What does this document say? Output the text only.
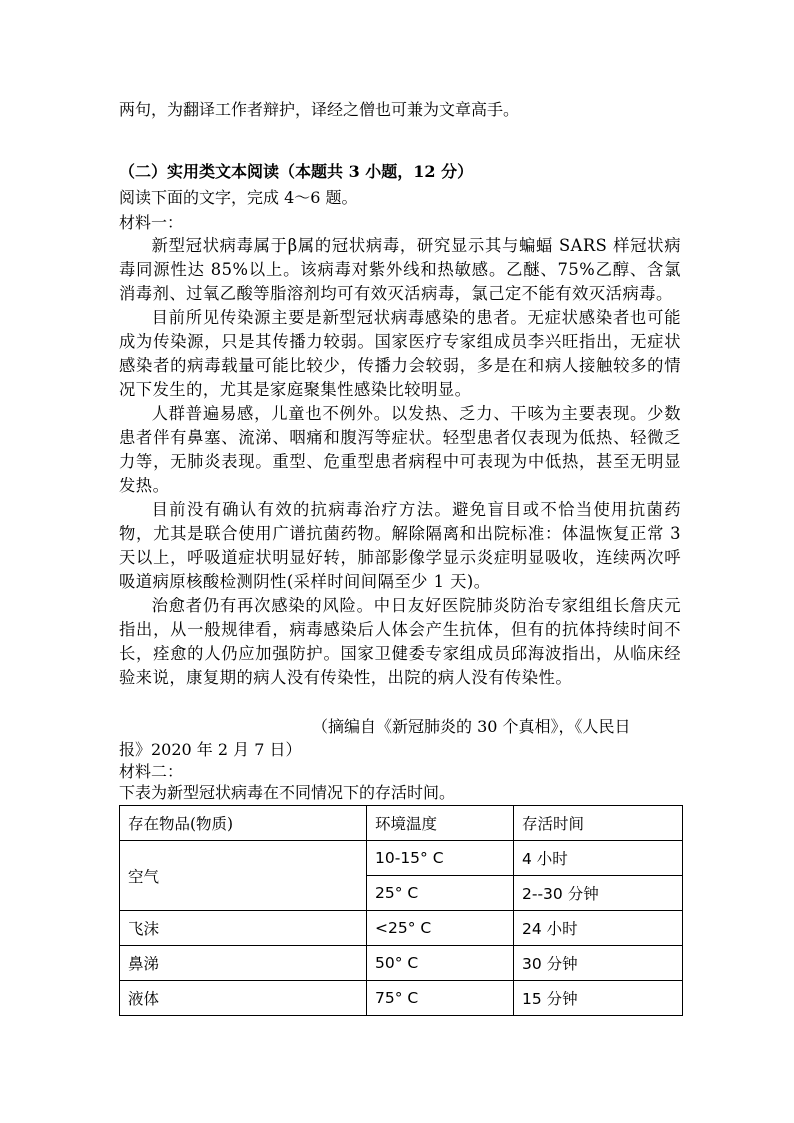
两句，为翻译工作者辩护，译经之僧也可兼为文章高手。
（二）实用类文本阅读（本题共 3 小题，12 分）
阅读下面的文字，完成 4～6 题。
材料一：

新型冠状病毒属于β属的冠状病毒，研究显示其与蝙蝠 SARS 样冠状病毒同源性达 85%以上。该病毒对紫外线和热敏感。乙醚、75%乙醇、含氯消毒剂、过氧乙酸等脂溶剂均可有效灭活病毒，氯己定不能有效灭活病毒。

目前所见传染源主要是新型冠状病毒感染的患者。无症状感染者也可能成为传染源，只是其传播力较弱。国家医疗专家组成员李兴旺指出，无症状感染者的病毒载量可能比较少，传播力会较弱，多是在和病人接触较多的情况下发生的，尤其是家庭聚集性感染比较明显。

人群普遍易感，儿童也不例外。以发热、乏力、干咳为主要表现。少数患者伴有鼻塞、流涕、咽痛和腹泻等症状。轻型患者仅表现为低热、轻微乏力等，无肺炎表现。重型、危重型患者病程中可表现为中低热，甚至无明显发热。

目前没有确认有效的抗病毒治疗方法。避免盲目或不恰当使用抗菌药物，尤其是联合使用广谱抗菌药物。解除隔离和出院标准：体温恢复正常 3 天以上，呼吸道症状明显好转，肺部影像学显示炎症明显吸收，连续两次呼吸道病原核酸检测阴性(采样时间间隔至少 1 天)。

治愈者仍有再次感染的风险。中日友好医院肺炎防治专家组组长詹庆元指出，从一般规律看，病毒感染后人体会产生抗体，但有的抗体持续时间不长，痊愈的人仍应加强防护。国家卫健委专家组成员邱海波指出，从临床经验来说，康复期的病人没有传染性，出院的病人没有传染性。

（摘编自《新冠肺炎的 30 个真相》，《人民日
报》2020 年 2 月 7 日）
材料二：
下表为新型冠状病毒在不同情况下的存活时间。
存在物品(物质)	环境温度	存活时间
空气	10-15° C	4 小时
	25° C	2--30 分钟
飞沫	<25° C	24 小时
鼻涕	50° C	30 分钟
液体	75° C	15 分钟
